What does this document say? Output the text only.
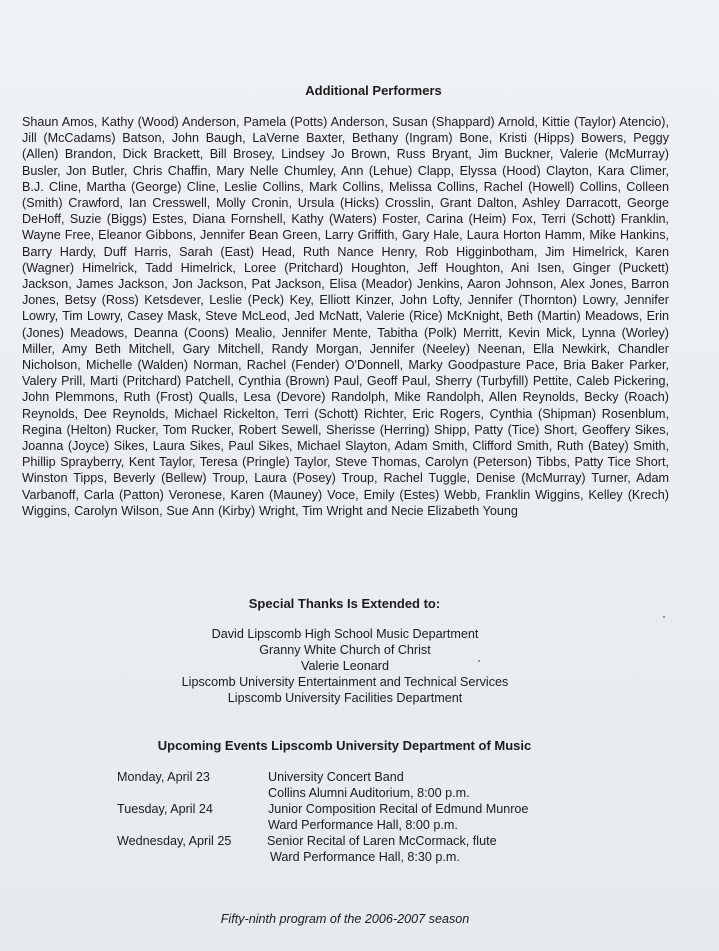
Additional Performers
Shaun Amos, Kathy (Wood) Anderson, Pamela (Potts) Anderson, Susan (Shappard) Arnold, Kittie (Taylor) Atencio), Jill (McCadams) Batson, John Baugh, LaVerne Baxter, Bethany (Ingram) Bone, Kristi (Hipps) Bowers, Peggy (Allen) Brandon, Dick Brackett, Bill Brosey, Lindsey Jo Brown, Russ Bryant, Jim Buckner, Valerie (McMurray) Busler, Jon Butler, Chris Chaffin, Mary Nelle Chumley, Ann (Lehue) Clapp, Elyssa (Hood) Clayton, Kara Climer, B.J. Cline, Martha (George) Cline, Leslie Collins, Mark Collins, Melissa Collins, Rachel (Howell) Collins, Colleen (Smith) Crawford, Ian Cresswell, Molly Cronin, Ursula (Hicks) Crosslin, Grant Dalton, Ashley Darracott, George DeHoff, Suzie (Biggs) Estes, Diana Fornshell, Kathy (Waters) Foster, Carina (Heim) Fox, Terri (Schott) Franklin, Wayne Free, Eleanor Gibbons, Jennifer Bean Green, Larry Griffith, Gary Hale, Laura Horton Hamm, Mike Hankins, Barry Hardy, Duff Harris, Sarah (East) Head, Ruth Nance Henry, Rob Higginbotham, Jim Himelrick, Karen (Wagner) Himelrick, Tadd Himelrick, Loree (Pritchard) Houghton, Jeff Houghton, Ani Isen, Ginger (Puckett) Jackson, James Jackson, Jon Jackson, Pat Jackson, Elisa (Meador) Jenkins, Aaron Johnson, Alex Jones, Barron Jones, Betsy (Ross) Ketsdever, Leslie (Peck) Key, Elliott Kinzer, John Lofty, Jennifer (Thornton) Lowry, Jennifer Lowry, Tim Lowry, Casey Mask, Steve McLeod, Jed McNatt, Valerie (Rice) McKnight, Beth (Martin) Meadows, Erin (Jones) Meadows, Deanna (Coons) Mealio, Jennifer Mente, Tabitha (Polk) Merritt, Kevin Mick, Lynna (Worley) Miller, Amy Beth Mitchell, Gary Mitchell, Randy Morgan, Jennifer (Neeley) Neenan, Ella Newkirk, Chandler Nicholson, Michelle (Walden) Norman, Rachel (Fender) O'Donnell, Marky Goodpasture Pace, Bria Baker Parker, Valery Prill, Marti (Pritchard) Patchell, Cynthia (Brown) Paul, Geoff Paul, Sherry (Turbyfill) Pettite, Caleb Pickering, John Plemmons, Ruth (Frost) Qualls, Lesa (Devore) Randolph, Mike Randolph, Allen Reynolds, Becky (Roach) Reynolds, Dee Reynolds, Michael Rickelton, Terri (Schott) Richter, Eric Rogers, Cynthia (Shipman) Rosenblum, Regina (Helton) Rucker, Tom Rucker, Robert Sewell, Sherisse (Herring) Shipp, Patty (Tice) Short, Geoffery Sikes, Joanna (Joyce) Sikes, Laura Sikes, Paul Sikes, Michael Slayton, Adam Smith, Clifford Smith, Ruth (Batey) Smith, Phillip Sprayberry, Kent Taylor, Teresa (Pringle) Taylor, Steve Thomas, Carolyn (Peterson) Tibbs, Patty Tice Short, Winston Tipps, Beverly (Bellew) Troup, Laura (Posey) Troup, Rachel Tuggle, Denise (McMurray) Turner, Adam Varbanoff, Carla (Patton) Veronese, Karen (Mauney) Voce, Emily (Estes) Webb, Franklin Wiggins, Kelley (Krech) Wiggins, Carolyn Wilson, Sue Ann (Kirby) Wright, Tim Wright and Necie Elizabeth Young
Special Thanks Is Extended to:
David Lipscomb High School Music Department
Granny White Church of Christ
Valerie Leonard
Lipscomb University Entertainment and Technical Services
Lipscomb University Facilities Department
Upcoming Events Lipscomb University Department of Music
Monday, April 23	University Concert Band
Collins Alumni Auditorium, 8:00 p.m.
Tuesday, April 24	Junior Composition Recital of Edmund Munroe
Ward Performance Hall, 8:00 p.m.
Wednesday, April 25	Senior Recital of Laren McCormack, flute
Ward Performance Hall, 8:30 p.m.
Fifty-ninth program of the 2006-2007 season
